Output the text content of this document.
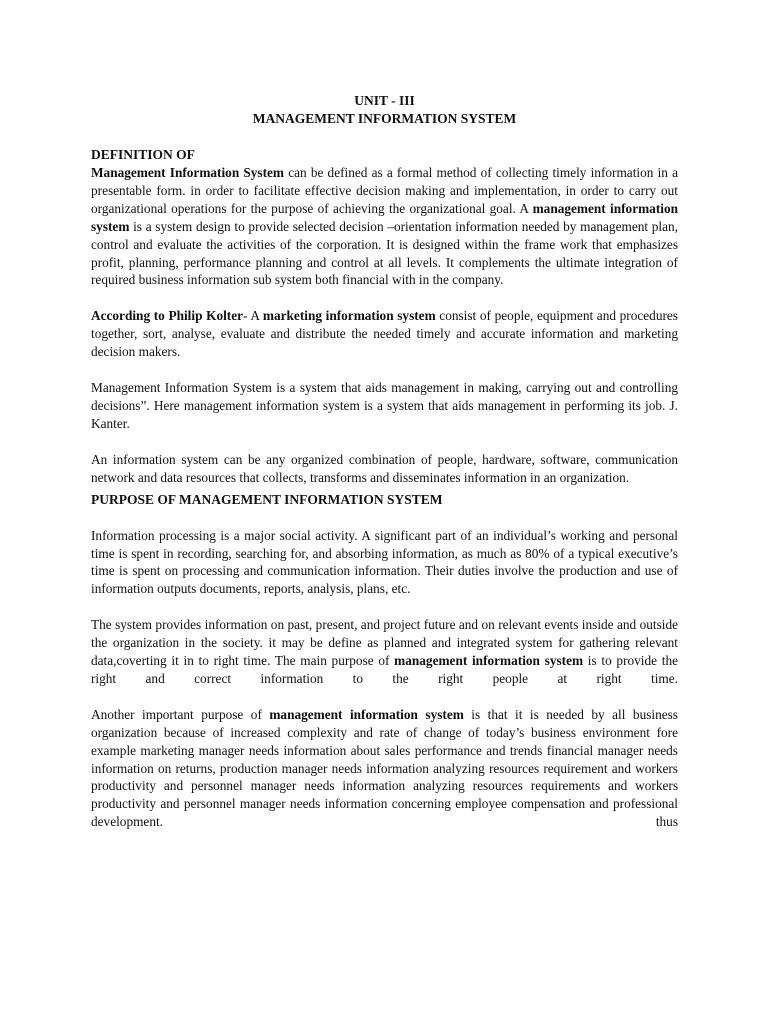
UNIT - III
MANAGEMENT INFORMATION SYSTEM
DEFINITION OF

Management Information System can be defined as a formal method of collecting timely information in a presentable form. in order to facilitate effective decision making and implementation, in order to carry out organizational operations for the purpose of achieving the organizational goal. A management information system is a system design to provide selected decision –orientation information needed by management plan, control and evaluate the activities of the corporation. It is designed within the frame work that emphasizes profit, planning, performance planning and control at all levels. It complements the ultimate integration of required business information sub system both financial with in the company.

According to Philip Kolter- A marketing information system consist of people, equipment and procedures together, sort, analyse, evaluate and distribute the needed timely and accurate information and marketing decision makers.

Management Information System is a system that aids management in making, carrying out and controlling decisions”. Here management information system is a system that aids management in performing its job. J. Kanter.

An information system can be any organized combination of people, hardware, software, communication network and data resources that collects, transforms and disseminates information in an organization.

PURPOSE OF MANAGEMENT INFORMATION SYSTEM

Information processing is a major social activity. A significant part of an individual’s working and personal time is spent in recording, searching for, and absorbing information, as much as 80% of a typical executive’s time is spent on processing and communication information. Their duties involve the production and use of information outputs documents, reports, analysis, plans, etc.

The system provides information on past, present, and project future and on relevant events inside and outside the organization in the society. it may be define as planned and integrated system for gathering relevant data,coverting it in to right time. The main purpose of management information system is to provide the right and correct information to the right people at right time.

Another important purpose of management information system is that it is needed by all business organization because of increased complexity and rate of change of today’s business environment fore example marketing manager needs information about sales performance and trends financial manager needs information on returns, production manager needs information analyzing resources requirement and workers productivity and personnel manager needs information analyzing resources requirements and workers productivity and personnel manager needs information concerning employee compensation and professional development. thus
